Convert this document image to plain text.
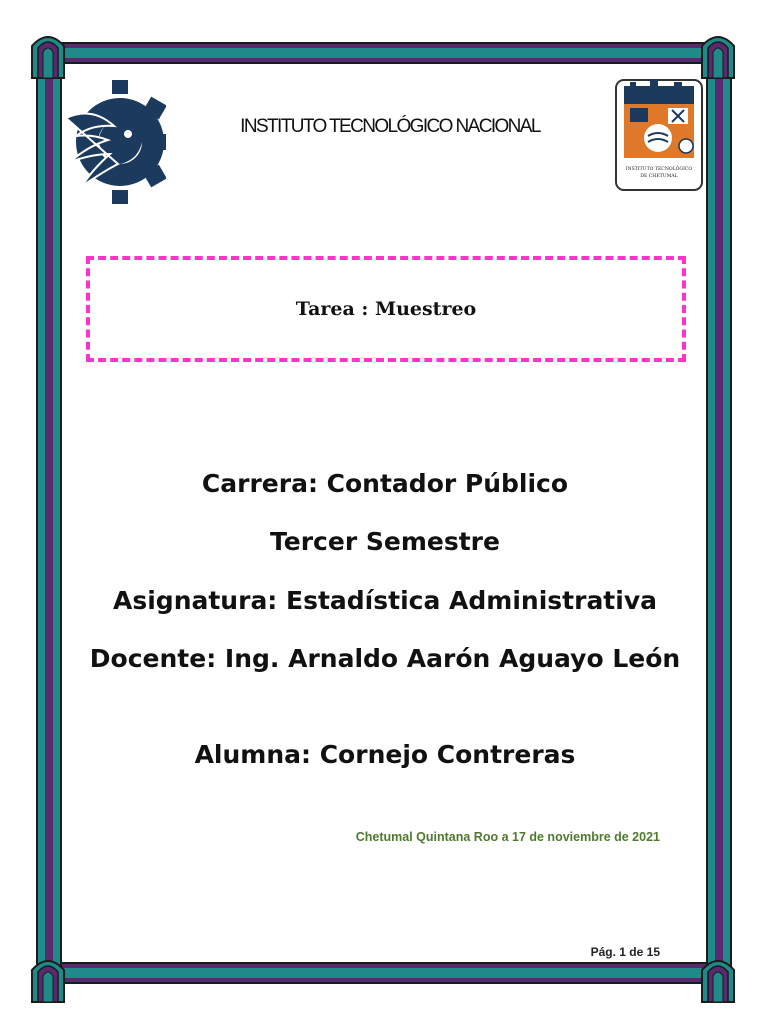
INSTITUTO TECNOLÓGICO NACIONAL
INSTITUTO TECNOLÓGICO
DE CHETUMAL
Tarea : Muestreo
Carrera: Contador Público
Tercer Semestre
Asignatura: Estadística Administrativa
Docente: Ing. Arnaldo Aarón Aguayo León
Alumna: Cornejo Contreras
Chetumal Quintana Roo a 17 de noviembre de 2021
Pág. 1 de 15
